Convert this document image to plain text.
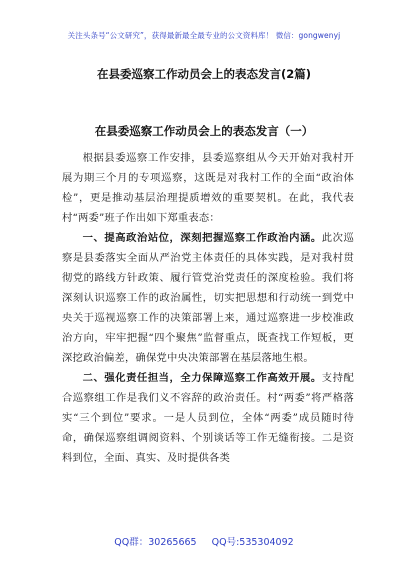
关注头条号“公文研究”，获得最新最全最专业的公文资料库！ 微信：gongwenyj
在县委巡察工作动员会上的表态发言(2篇)
在县委巡察工作动员会上的表态发言（一）

根据县委巡察工作安排，县委巡察组从今天开始对我村开展为期三个月的专项巡察，这既是对我村工作的全面“政治体检”，更是推动基层治理提质增效的重要契机。在此，我代表村“两委”班子作出如下郑重表态：

一、提高政治站位，深刻把握巡察工作政治内涵。此次巡察是县委落实全面从严治党主体责任的具体实践，是对我村贯彻党的路线方针政策、履行管党治党责任的深度检验。我们将深刻认识巡察工作的政治属性，切实把思想和行动统一到党中央关于巡视巡察工作的决策部署上来，通过巡察进一步校准政治方向，牢牢把握“四个聚焦”监督重点，既查找工作短板，更深挖政治偏差，确保党中央决策部署在基层落地生根。

二、强化责任担当，全力保障巡察工作高效开展。支持配合巡察组工作是我们义不容辞的政治责任。村“两委”将严格落实“三个到位”要求。一是人员到位，全体“两委”成员随时待命，确保巡察组调阅资料、个别谈话等工作无缝衔接。二是资料到位，全面、真实、及时提供各类

QQ群：30265665 QQ号:535304092
